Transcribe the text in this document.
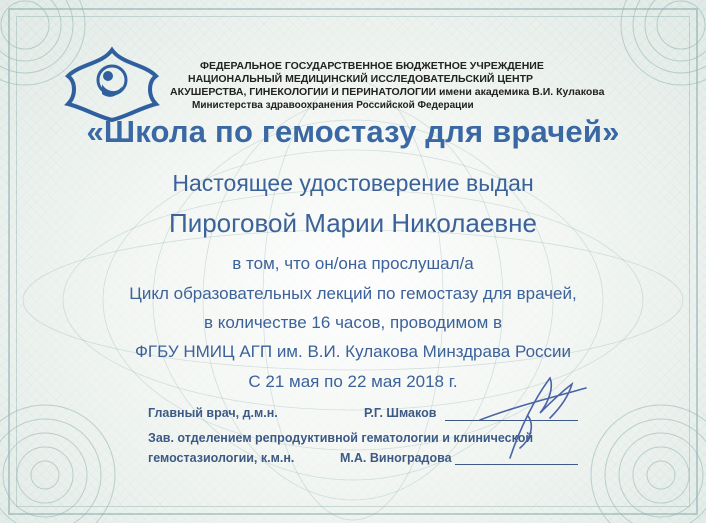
ФЕДЕРАЛЬНОЕ ГОСУДАРСТВЕННОЕ БЮДЖЕТНОЕ УЧРЕЖДЕНИЕ
НАЦИОНАЛЬНЫЙ МЕДИЦИНСКИЙ ИССЛЕДОВАТЕЛЬСКИЙ ЦЕНТР
АКУШЕРСТВА, ГИНЕКОЛОГИИ И ПЕРИНАТОЛОГИИ имени академика В.И. Кулакова
Министерства здравоохранения Российской Федерации
«Школа по гемостазу для врачей»
Настоящее удостоверение выдан
Пироговой Марии Николаевне
в том, что он/она прослушал/а
Цикл образовательных лекций по гемостазу для врачей,
в количестве 16 часов, проводимом в
ФГБУ НМИЦ АГП им. В.И. Кулакова Минздрава России
С 21 мая по 22 мая 2018 г.
Главный врач, д.м.н.	Р.Г. Шмаков
Зав. отделением репродуктивной гематологии и клинической
гемостазиологии, к.м.н.	М.А. Виноградова
